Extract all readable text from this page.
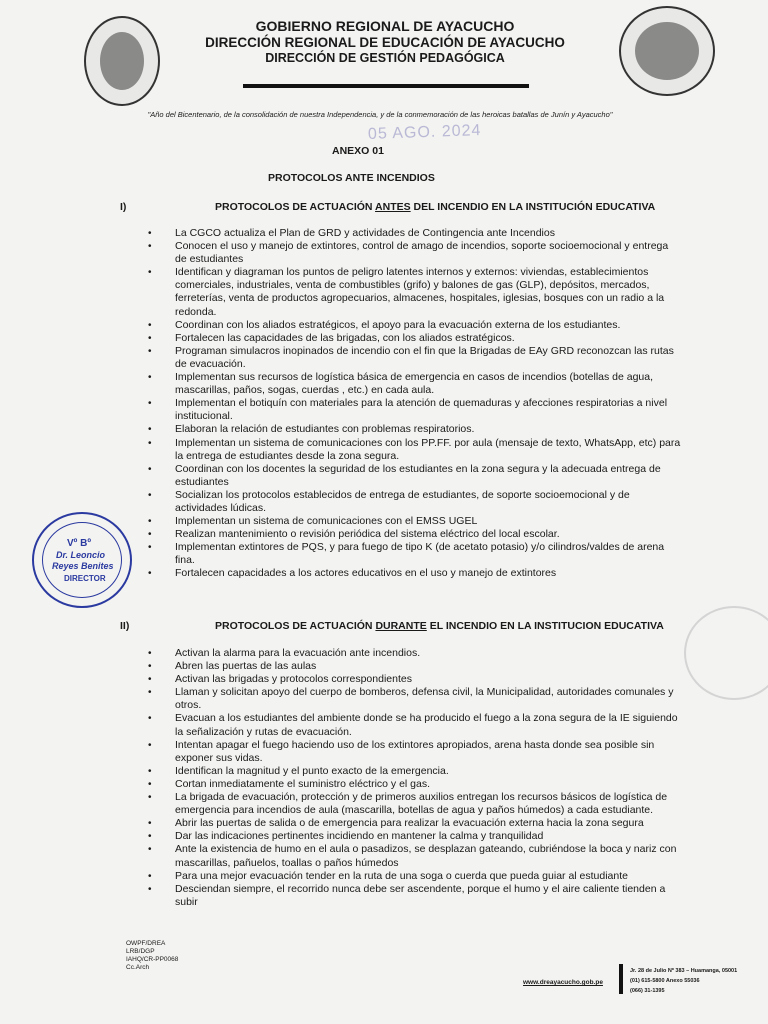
GOBIERNO REGIONAL DE AYACUCHO
DIRECCIÓN REGIONAL DE EDUCACIÓN DE AYACUCHO
DIRECCIÓN DE GESTIÓN PEDAGÓGICA
"Año del Bicentenario, de la consolidación de nuestra Independencia, y de la conmemoración de las heroicas batallas de Junín y Ayacucho"
05 AGO. 2024
ANEXO 01
PROTOCOLOS ANTE INCENDIOS
I)	PROTOCOLOS DE ACTUACIÓN ANTES DEL INCENDIO EN LA INSTITUCIÓN EDUCATIVA
• La CGCO actualiza el Plan de GRD y actividades de Contingencia ante Incendios
• Conocen el uso y manejo de extintores, control de amago de incendios, soporte socioemocional y entrega de estudiantes
• Identifican y diagraman los puntos de peligro latentes internos y externos: viviendas, establecimientos comerciales, industriales, venta de combustibles (grifo) y balones de gas (GLP), depósitos, mercados, ferreterías, venta de productos agropecuarios, almacenes, hospitales, iglesias, bosques con un radio a la redonda.
• Coordinan con los aliados estratégicos, el apoyo para la evacuación externa de los estudiantes.
• Fortalecen las capacidades de las brigadas, con los aliados estratégicos.
• Programan simulacros inopinados de incendio con el fin que la Brigadas de EAy GRD reconozcan las rutas de evacuación.
• Implementan sus recursos de logística básica de emergencia en casos de incendios (botellas de agua, mascarillas, paños, sogas, cuerdas , etc.) en cada aula.
• Implementan el botiquín con materiales para la atención de quemaduras y afecciones respiratorias a nivel institucional.
• Elaboran la relación de estudiantes con problemas respiratorios.
• Implementan un sistema de comunicaciones con los PP.FF. por aula (mensaje de texto, WhatsApp, etc) para la entrega de estudiantes desde la zona segura.
• Coordinan con los docentes la seguridad de los estudiantes en la zona segura y la adecuada entrega de estudiantes
• Socializan los protocolos establecidos de entrega de estudiantes, de soporte socioemocional y de actividades lúdicas.
• Implementan un sistema de comunicaciones con el EMSS UGEL
• Realizan mantenimiento o revisión periódica del sistema eléctrico del local escolar.
• Implementan extintores de PQS, y para fuego de tipo K (de acetato potasio) y/o cilindros/valdes de arena fina.
• Fortalecen capacidades a los actores educativos en el uso y manejo de extintores
II)	PROTOCOLOS DE ACTUACIÓN DURANTE EL INCENDIO EN LA INSTITUCION EDUCATIVA
• Activan la alarma para la evacuación ante incendios.
• Abren las puertas de las aulas
• Activan las brigadas y protocolos correspondientes
• Llaman y solicitan apoyo del cuerpo de bomberos, defensa civil, la Municipalidad, autoridades comunales y otros.
• Evacuan a los estudiantes del ambiente donde se ha producido el fuego a la zona segura de la IE siguiendo la señalización y rutas de evacuación.
• Intentan apagar el fuego haciendo uso de los extintores apropiados, arena hasta donde sea posible sin exponer sus vidas.
• Identifican la magnitud y el punto exacto de la emergencia.
• Cortan inmediatamente el suministro eléctrico y el gas.
• La brigada de evacuación, protección y de primeros auxilios entregan los recursos básicos de logística de emergencia para incendios de aula (mascarilla, botellas de agua y paños húmedos) a cada estudiante.
• Abrir las puertas de salida o de emergencia para realizar la evacuación externa hacia la zona segura
• Dar las indicaciones pertinentes incidiendo en mantener la calma y tranquilidad
• Ante la existencia de humo en el aula o pasadizos, se desplazan gateando, cubriéndose la boca y nariz con mascarillas, pañuelos, toallas o paños húmedos
• Para una mejor evacuación tender en la ruta de una soga o cuerda que pueda guiar al estudiante
• Desciendan siempre, el recorrido nunca debe ser ascendente, porque el humo y el aire caliente tienden a subir
Vº Bº
Dr. Leoncio
Reyes Benites
DIRECTOR
OWPF/DREA
LRB/DGP
IAHQ/CR-PP0068
Cc.Arch
www.dreayacucho.gob.pe
Jr. 28 de Julio Nº 383 – Huamanga, 05001
(01) 615-5800 Anexo 55036
(066) 31-1395
